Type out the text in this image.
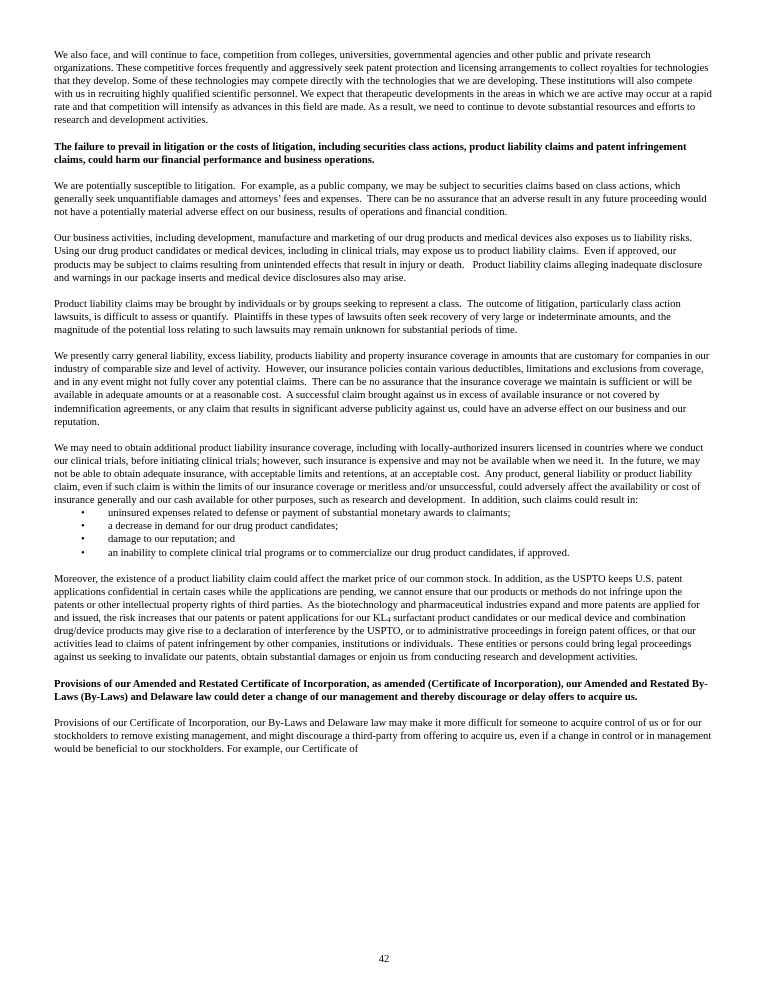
We also face, and will continue to face, competition from colleges, universities, governmental agencies and other public and private research organizations. These competitive forces frequently and aggressively seek patent protection and licensing arrangements to collect royalties for technologies that they develop. Some of these technologies may compete directly with the technologies that we are developing. These institutions will also compete with us in recruiting highly qualified scientific personnel. We expect that therapeutic developments in the areas in which we are active may occur at a rapid rate and that competition will intensify as advances in this field are made. As a result, we need to continue to devote substantial resources and efforts to research and development activities.

The failure to prevail in litigation or the costs of litigation, including securities class actions, product liability claims and patent infringement claims, could harm our financial performance and business operations.

We are potentially susceptible to litigation.  For example, as a public company, we may be subject to securities claims based on class actions, which generally seek unquantifiable damages and attorneys’ fees and expenses.  There can be no assurance that an adverse result in any future proceeding would not have a potentially material adverse effect on our business, results of operations and financial condition.

Our business activities, including development, manufacture and marketing of our drug products and medical devices also exposes us to liability risks.  Using our drug product candidates or medical devices, including in clinical trials, may expose us to product liability claims.  Even if approved, our products may be subject to claims resulting from unintended effects that result in injury or death.   Product liability claims alleging inadequate disclosure and warnings in our package inserts and medical device disclosures also may arise.

Product liability claims may be brought by individuals or by groups seeking to represent a class.  The outcome of litigation, particularly class action lawsuits, is difficult to assess or quantify.  Plaintiffs in these types of lawsuits often seek recovery of very large or indeterminate amounts, and the magnitude of the potential loss relating to such lawsuits may remain unknown for substantial periods of time.

We presently carry general liability, excess liability, products liability and property insurance coverage in amounts that are customary for companies in our industry of comparable size and level of activity.  However, our insurance policies contain various deductibles, limitations and exclusions from coverage, and in any event might not fully cover any potential claims.  There can be no assurance that the insurance coverage we maintain is sufficient or will be available in adequate amounts or at a reasonable cost.  A successful claim brought against us in excess of available insurance or not covered by indemnification agreements, or any claim that results in significant adverse publicity against us, could have an adverse effect on our business and our reputation.

We may need to obtain additional product liability insurance coverage, including with locally-authorized insurers licensed in countries where we conduct our clinical trials, before initiating clinical trials; however, such insurance is expensive and may not be available when we need it.  In the future, we may not be able to obtain adequate insurance, with acceptable limits and retentions, at an acceptable cost.  Any product, general liability or product liability claim, even if such claim is within the limits of our insurance coverage or meritless and/or unsuccessful, could adversely affect the availability or cost of insurance generally and our cash available for other purposes, such as research and development.  In addition, such claims could result in:

•	uninsured expenses related to defense or payment of substantial monetary awards to claimants;
•	a decrease in demand for our drug product candidates;
•	damage to our reputation; and
•	an inability to complete clinical trial programs or to commercialize our drug product candidates, if approved.

Moreover, the existence of a product liability claim could affect the market price of our common stock. In addition, as the USPTO keeps U.S. patent applications confidential in certain cases while the applications are pending, we cannot ensure that our products or methods do not infringe upon the patents or other intellectual property rights of third parties.  As the biotechnology and pharmaceutical industries expand and more patents are applied for and issued, the risk increases that our patents or patent applications for our KL4 surfactant product candidates or our medical device and combination drug/device products may give rise to a declaration of interference by the USPTO, or to administrative proceedings in foreign patent offices, or that our activities lead to claims of patent infringement by other companies, institutions or individuals.  These entities or persons could bring legal proceedings against us seeking to invalidate our patents, obtain substantial damages or enjoin us from conducting research and development activities.

Provisions of our Amended and Restated Certificate of Incorporation, as amended (Certificate of Incorporation), our Amended and Restated By-Laws (By-Laws) and Delaware law could deter a change of our management and thereby discourage or delay offers to acquire us.

Provisions of our Certificate of Incorporation, our By-Laws and Delaware law may make it more difficult for someone to acquire control of us or for our stockholders to remove existing management, and might discourage a third-party from offering to acquire us, even if a change in control or in management would be beneficial to our stockholders. For example, our Certificate of

42
